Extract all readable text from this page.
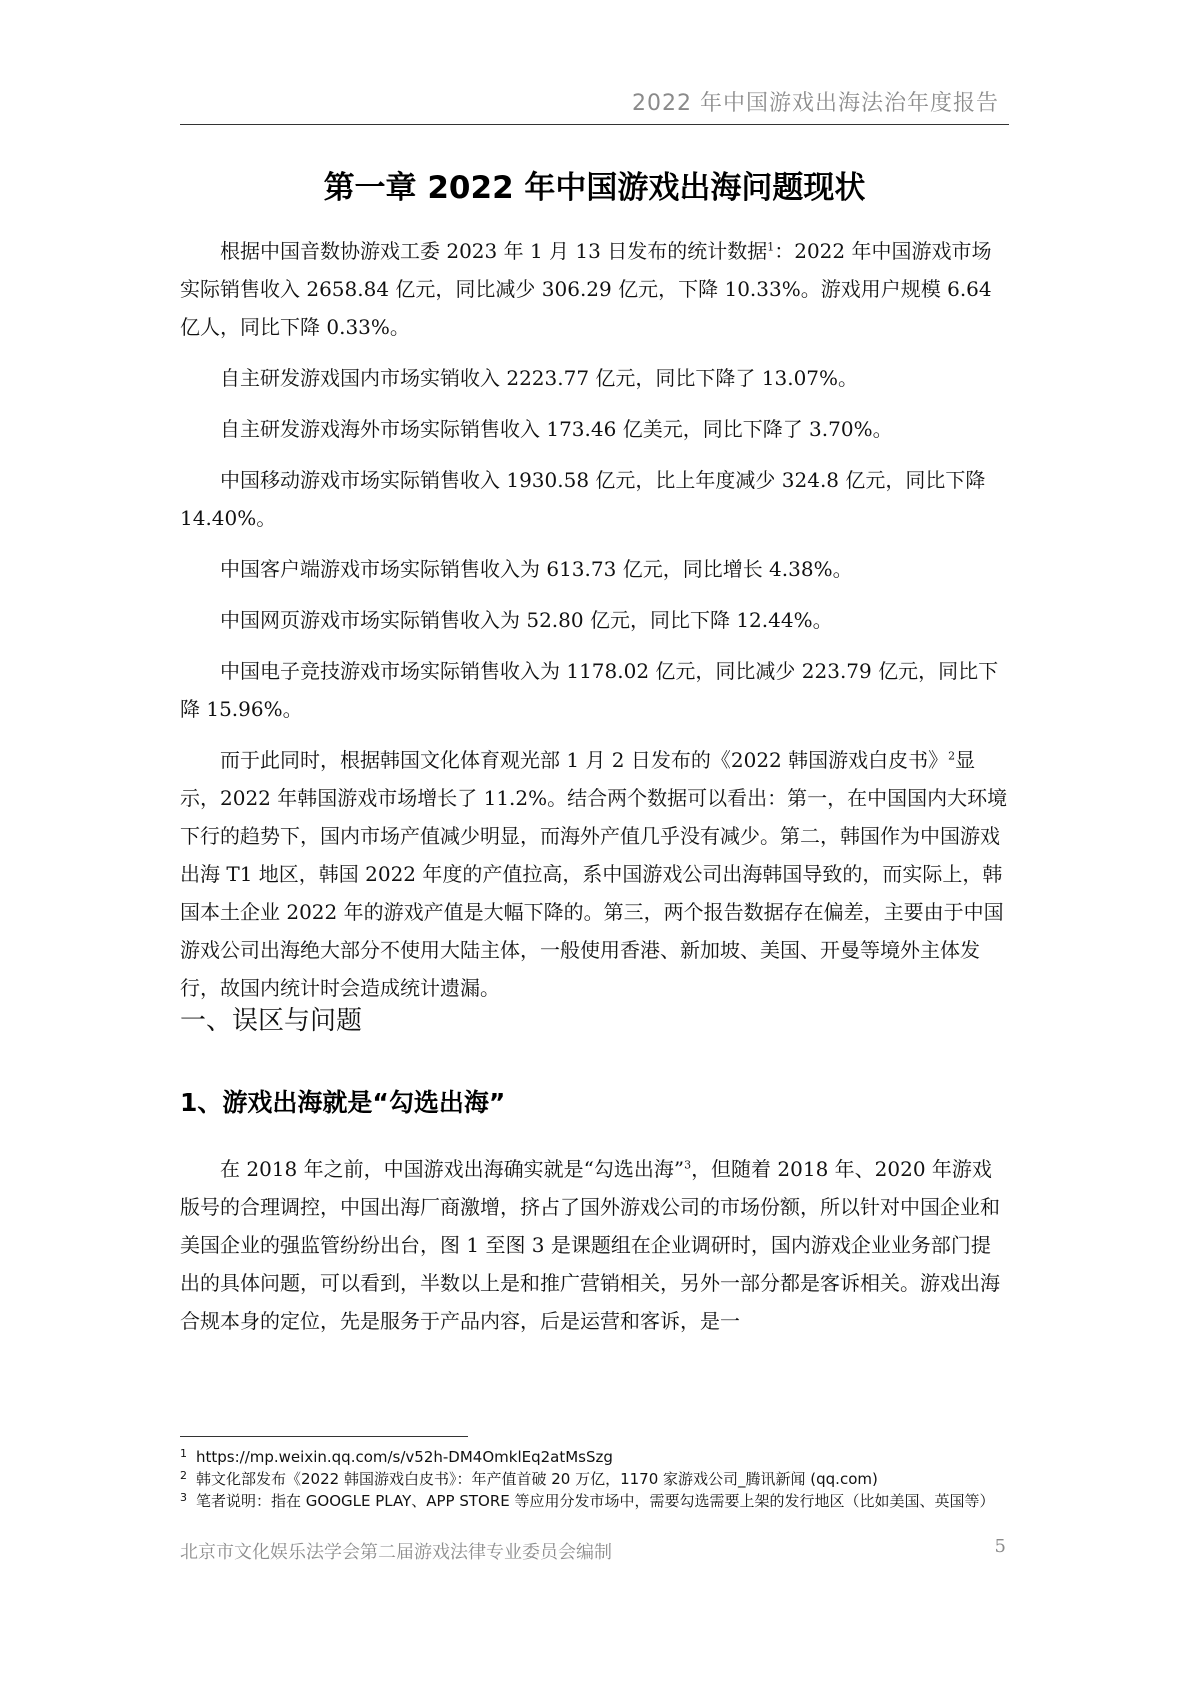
2022 年中国游戏出海法治年度报告
第一章 2022 年中国游戏出海问题现状

根据中国音数协游戏工委 2023 年 1 月 13 日发布的统计数据$^1$：2022 年中国游戏市场实际销售收入 2658.84 亿元，同比减少 306.29 亿元，下降 10.33%。游戏用户规模 6.64 亿人，同比下降 0.33%。

自主研发游戏国内市场实销收入 2223.77 亿元，同比下降了 13.07%。

自主研发游戏海外市场实际销售收入 173.46 亿美元，同比下降了 3.70%。

中国移动游戏市场实际销售收入 1930.58 亿元，比上年度减少 324.8 亿元，同比下降 14.40%。

中国客户端游戏市场实际销售收入为 613.73 亿元，同比增长 4.38%。

中国网页游戏市场实际销售收入为 52.80 亿元，同比下降 12.44%。

中国电子竞技游戏市场实际销售收入为 1178.02 亿元，同比减少 223.79 亿元，同比下降 15.96%。

而于此同时，根据韩国文化体育观光部 1 月 2 日发布的《2022 韩国游戏白皮书》$^2$显示，2022 年韩国游戏市场增长了 11.2%。结合两个数据可以看出：第一，在中国国内大环境下行的趋势下，国内市场产值减少明显，而海外产值几乎没有减少。第二，韩国作为中国游戏出海 T1 地区，韩国 2022 年度的产值拉高，系中国游戏公司出海韩国导致的，而实际上，韩国本土企业 2022 年的游戏产值是大幅下降的。第三，两个报告数据存在偏差，主要由于中国游戏公司出海绝大部分不使用大陆主体，一般使用香港、新加坡、美国、开曼等境外主体发行，故国内统计时会造成统计遗漏。

一、误区与问题
1、游戏出海就是“勾选出海”

在 2018 年之前，中国游戏出海确实就是“勾选出海”$^3$，但随着 2018 年、2020 年游戏版号的合理调控，中国出海厂商激增，挤占了国外游戏公司的市场份额，所以针对中国企业和美国企业的强监管纷纷出台，图 1 至图 3 是课题组在企业调研时，国内游戏企业业务部门提出的具体问题，可以看到，半数以上是和推广营销相关，另外一部分都是客诉相关。游戏出海合规本身的定位，先是服务于产品内容，后是运营和客诉，是一

1 https://mp.weixin.qq.com/s/v52h-DM4OmklEq2atMsSzg

2 韩文化部发布《2022 韩国游戏白皮书》：年产值首破 20 万亿，1170 家游戏公司_腾讯新闻 (qq.com)

3 笔者说明：指在 GOOGLE PLAY、APP STORE 等应用分发市场中，需要勾选需要上架的发行地区（比如美国、英国等）

北京市文化娱乐法学会第二届游戏法律专业委员会编制	5
